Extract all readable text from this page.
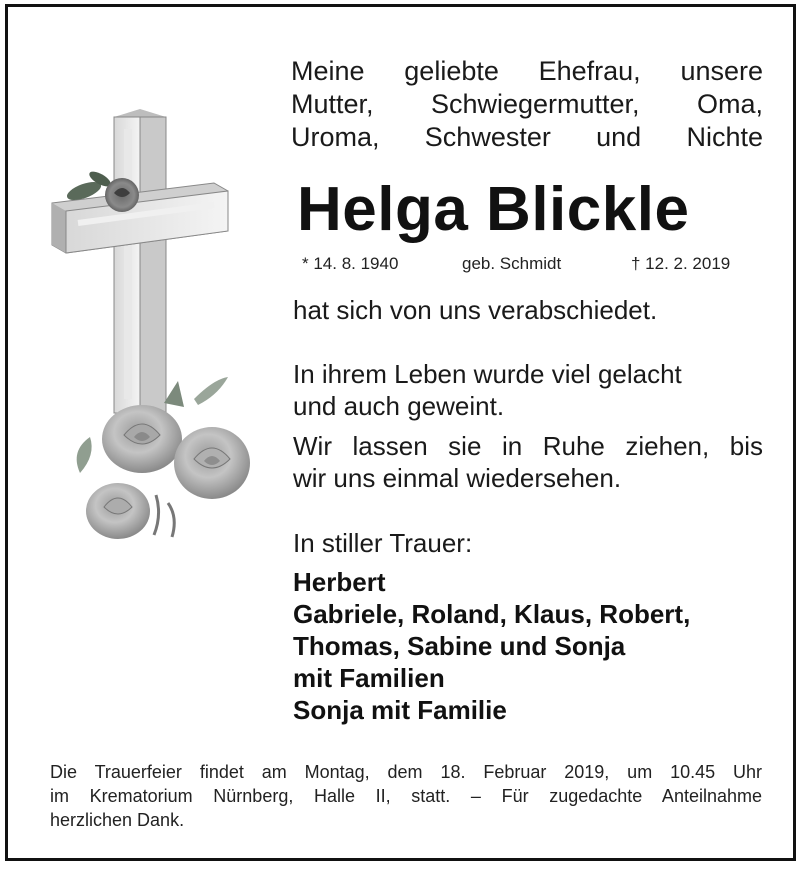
Meine geliebte Ehefrau, unsere
Mutter, Schwiegermutter, Oma,
Uroma, Schwester und Nichte
Helga Blickle
* 14. 8. 1940	geb. Schmidt	† 12. 2. 2019
hat sich von uns verabschiedet.
In ihrem Leben wurde viel gelacht
und auch geweint.
Wir lassen sie in Ruhe ziehen, bis
wir uns einmal wiedersehen.
In stiller Trauer:
Herbert
Gabriele, Roland, Klaus, Robert,
Thomas, Sabine und Sonja
mit Familien
Sonja mit Familie
Die Trauerfeier findet am Montag, dem 18. Februar 2019, um 10.45 Uhr
im Krematorium Nürnberg, Halle II, statt. – Für zugedachte Anteilnahme
herzlichen Dank.
